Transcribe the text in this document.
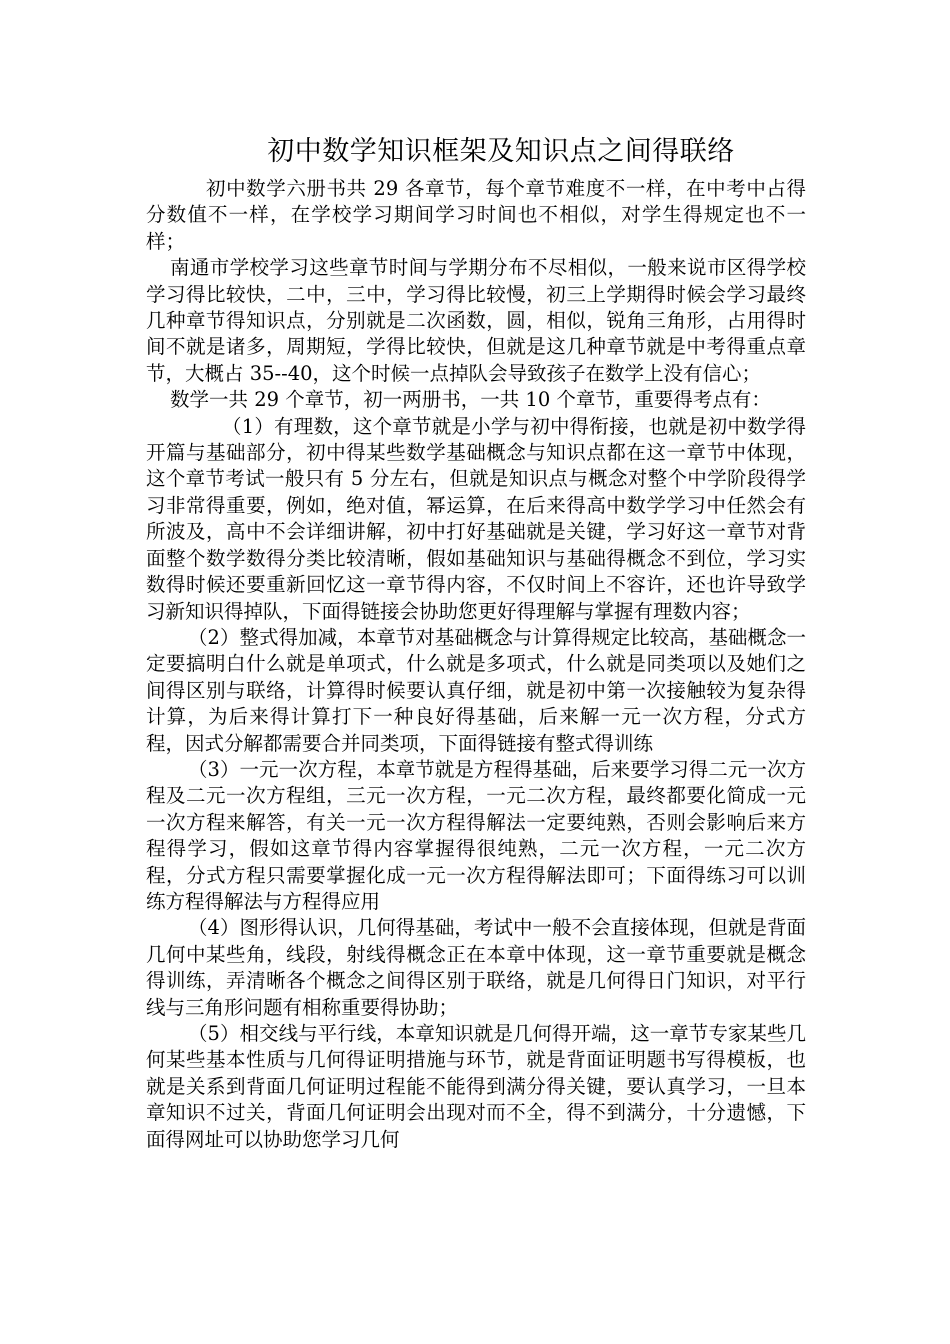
初中数学知识框架及知识点之间得联络

初中数学六册书共 29 各章节，每个章节难度不一样，在中考中占得分数值不一样，在学校学习期间学习时间也不相似，对学生得规定也不一样；

南通市学校学习这些章节时间与学期分布不尽相似，一般来说市区得学校学习得比较快，二中，三中，学习得比较慢，初三上学期得时候会学习最终几种章节得知识点，分别就是二次函数，圆，相似，锐角三角形，占用得时间不就是诸多，周期短，学得比较快，但就是这几种章节就是中考得重点章节，大概占 35--40，这个时候一点掉队会导致孩子在数学上没有信心；

数学一共 29 个章节，初一两册书，一共 10 个章节，重要得考点有：

（1）有理数，这个章节就是小学与初中得衔接，也就是初中数学得开篇与基础部分，初中得某些数学基础概念与知识点都在这一章节中体现，这个章节考试一般只有 5 分左右，但就是知识点与概念对整个中学阶段得学习非常得重要，例如，绝对值，幂运算，在后来得高中数学学习中任然会有所波及，高中不会详细讲解，初中打好基础就是关键，学习好这一章节对背面整个数学数得分类比较清晰，假如基础知识与基础得概念不到位，学习实数得时候还要重新回忆这一章节得内容，不仅时间上不容许，还也许导致学习新知识得掉队，下面得链接会协助您更好得理解与掌握有理数内容；

（2）整式得加减，本章节对基础概念与计算得规定比较高，基础概念一定要搞明白什么就是单项式，什么就是多项式，什么就是同类项以及她们之间得区别与联络，计算得时候要认真仔细，就是初中第一次接触较为复杂得计算，为后来得计算打下一种良好得基础，后来解一元一次方程，分式方程，因式分解都需要合并同类项，下面得链接有整式得训练

（3）一元一次方程，本章节就是方程得基础，后来要学习得二元一次方程及二元一次方程组，三元一次方程，一元二次方程，最终都要化简成一元一次方程来解答，有关一元一次方程得解法一定要纯熟，否则会影响后来方程得学习，假如这章节得内容掌握得很纯熟，二元一次方程，一元二次方程，分式方程只需要掌握化成一元一次方程得解法即可；下面得练习可以训练方程得解法与方程得应用

（4）图形得认识，几何得基础，考试中一般不会直接体现，但就是背面几何中某些角，线段，射线得概念正在本章中体现，这一章节重要就是概念得训练，弄清晰各个概念之间得区别于联络，就是几何得日门知识，对平行线与三角形问题有相称重要得协助；

（5）相交线与平行线，本章知识就是几何得开端，这一章节专家某些几何某些基本性质与几何得证明措施与环节，就是背面证明题书写得模板，也就是关系到背面几何证明过程能不能得到满分得关键，要认真学习，一旦本章知识不过关，背面几何证明会出现对而不全，得不到满分，十分遗憾，下面得网址可以协助您学习几何
